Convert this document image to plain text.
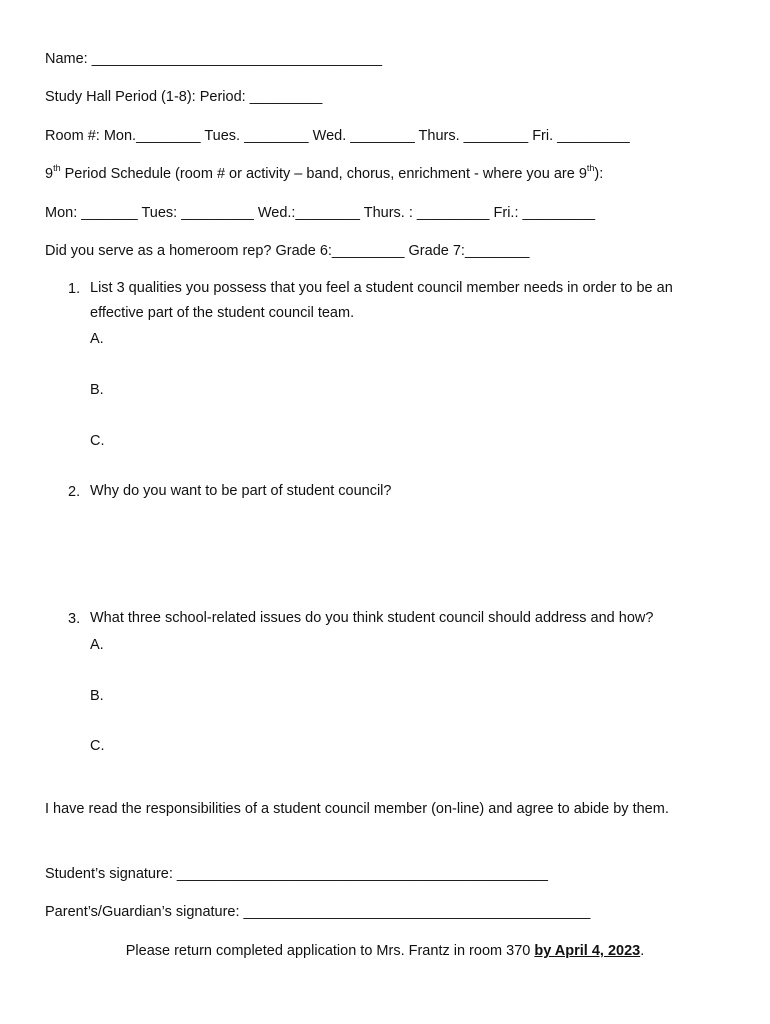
Name: ____________________________________
Study Hall Period (1-8): Period: _________
Room #: Mon.________ Tues. ________ Wed. ________ Thurs. ________ Fri. _________
9th Period Schedule (room # or activity – band, chorus, enrichment - where you are 9th):
Mon: _______ Tues: _________ Wed.:________ Thurs. : _________ Fri.: _________
Did you serve as a homeroom rep? Grade 6:_________ Grade 7:________
1. List 3 qualities you possess that you feel a student council member needs in order to be an effective part of the student council team.
A.
B.
C.
2. Why do you want to be part of student council?
3. What three school-related issues do you think student council should address and how?
A.
B.
C.
I have read the responsibilities of a student council member (on-line) and agree to abide by them.
Student’s signature: ______________________________________________
Parent’s/Guardian’s signature: ___________________________________________
Please return completed application to Mrs. Frantz in room 370 by April 4, 2023.
